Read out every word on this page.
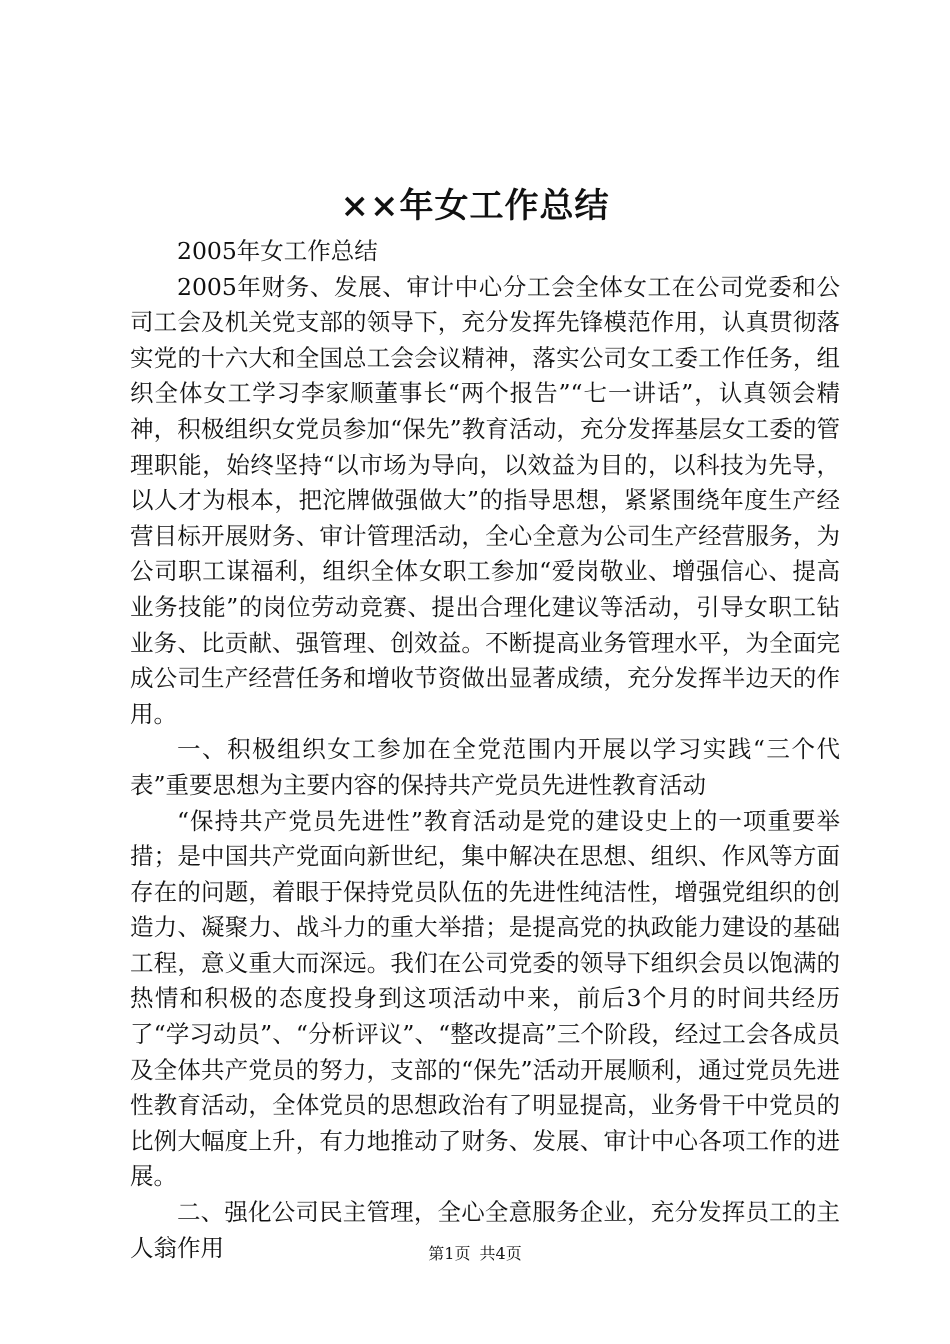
××年女工作总结

2005年女工作总结

2005年财务、发展、审计中心分工会全体女工在公司党委和公司工会及机关党支部的领导下，充分发挥先锋模范作用，认真贯彻落实党的十六大和全国总工会会议精神，落实公司女工委工作任务，组织全体女工学习李家顺董事长“两个报告”“七一讲话”，认真领会精神，积极组织女党员参加“保先”教育活动，充分发挥基层女工委的管理职能，始终坚持“以市场为导向，以效益为目的，以科技为先导，以人才为根本，把沱牌做强做大”的指导思想，紧紧围绕年度生产经营目标开展财务、审计管理活动，全心全意为公司生产经营服务，为公司职工谋福利，组织全体女职工参加“爱岗敬业、增强信心、提高业务技能”的岗位劳动竞赛、提出合理化建议等活动，引导女职工钻业务、比贡献、强管理、创效益。不断提高业务管理水平，为全面完成公司生产经营任务和增收节资做出显著成绩，充分发挥半边天的作用。

一、积极组织女工参加在全党范围内开展以学习实践“三个代表”重要思想为主要内容的保持共产党员先进性教育活动

“保持共产党员先进性”教育活动是党的建设史上的一项重要举措；是中国共产党面向新世纪，集中解决在思想、组织、作风等方面存在的问题，着眼于保持党员队伍的先进性纯洁性，增强党组织的创造力、凝聚力、战斗力的重大举措；是提高党的执政能力建设的基础工程，意义重大而深远。我们在公司党委的领导下组织会员以饱满的热情和积极的态度投身到这项活动中来，前后3个月的时间共经历了“学习动员”、“分析评议”、“整改提高”三个阶段，经过工会各成员及全体共产党员的努力，支部的“保先”活动开展顺利，通过党员先进性教育活动，全体党员的思想政治有了明显提高，业务骨干中党员的比例大幅度上升，有力地推动了财务、发展、审计中心各项工作的进展。

二、强化公司民主管理，全心全意服务企业，充分发挥员工的主人翁作用	第1页 共4页
